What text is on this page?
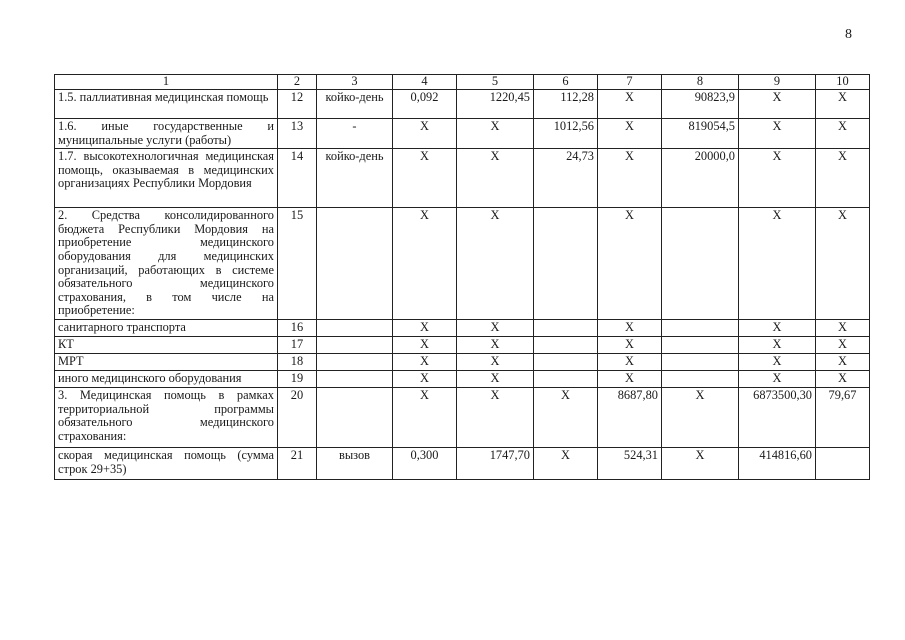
8
1	2	3	4	5	6	7	8	9	10
1.5. паллиативная медицинская помощь	12	койко-день	0,092	1220,45	112,28	X	90823,9	X	X
1.6. иные государственные и муниципальные услуги (работы)	13	-	X	X	1012,56	X	819054,5	X	X
1.7. высокотехнологичная медицинская помощь, оказываемая в медицинских организациях Республики Мордовия	14	койко-день	X	X	24,73	X	20000,0	X	X
2. Средства консолидированного бюджета Республики Мордовия на приобретение медицинского оборудования для медицинских организаций, работающих в системе обязательного медицинского страхования, в том числе на приобретение:	15		X	X		X		X	X
санитарного транспорта	16		X	X		X		X	X
КТ	17		X	X		X		X	X
МРТ	18		X	X		X		X	X
иного медицинского оборудования	19		X	X		X		X	X
3. Медицинская помощь в рамках территориальной программы обязательного медицинского страхования:	20		X	X	X	8687,80	X	6873500,30	79,67
скорая медицинская помощь (сумма строк 29+35)	21	вызов	0,300	1747,70	X	524,31	X	414816,60	
